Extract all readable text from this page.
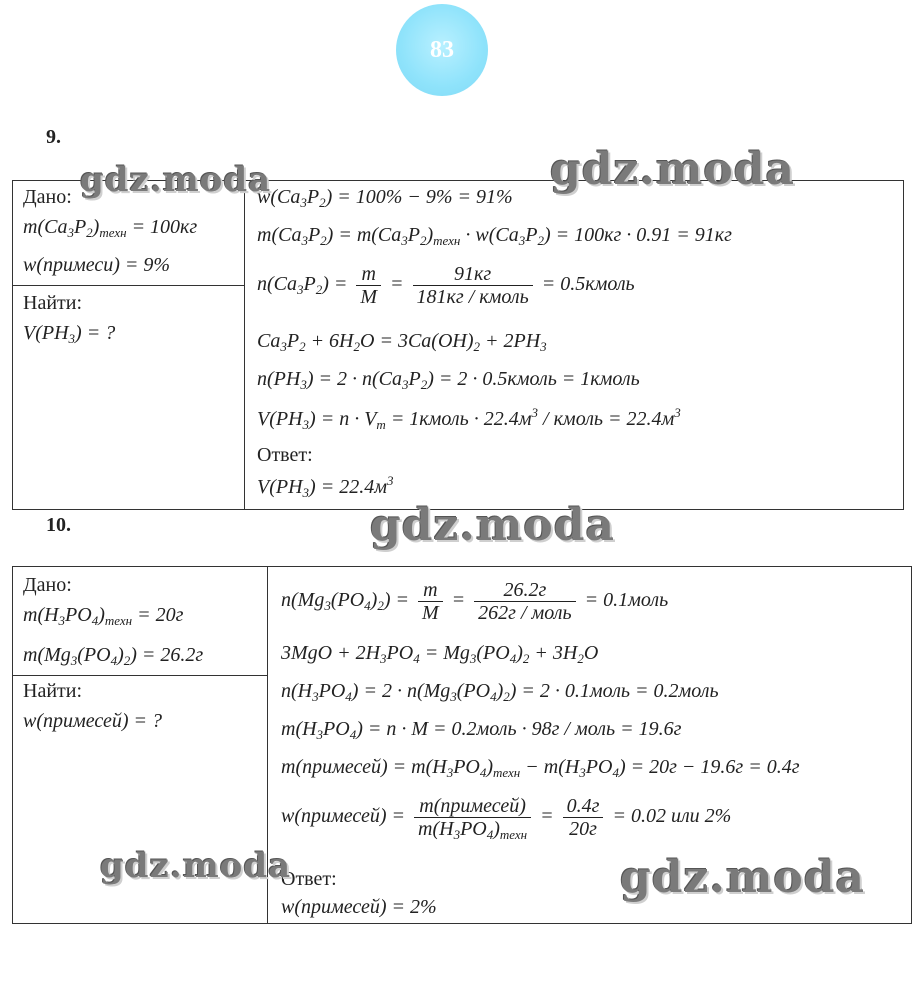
83
9.
Дано:
$m(Ca_3P_2)_{техн} = 100кг$
w(примеси) = 9%
Найти:
$V(PH_3)$ = ?
$w(Ca_3P_2) = 100\% - 9\% = 91\%$
$m(Ca_3P_2) = m(Ca_3P_2)_{техн} \cdot w(Ca_3P_2) = 100кг \cdot 0.91 = 91кг$
$n(Ca_3P_2) = \frac{m}{M} = \frac{91кг}{\text{181кг / кмоль}}$ = 0.5кмоль
$Ca_3P_2 + 6H_2O = 3Ca(OH)_2 + 2PH_3$
$n(PH_3) = 2 \cdot n(Ca_3P_2) = 2$ · 0.5кмоль = 1кмоль
$V(PH_3) = n \cdot V_m$ = 1кмоль · $22.4м^3$ / кмоль = $22.4м^3$
Ответ:
$V(PH_3) = 22.4м^3$
10.
Дано:
$m(H_3PO_4)_{техн} = 20г$
$m(Mg_3(PO_4)_2) = 26.2г$
Найти:
w(примесей) = ?
$n(Mg_3(PO_4)_2) = \frac{m}{M} = \frac{26.2г}{\text{262г / моль}}$ = 0.1моль
$3MgO + 2H_3PO_4 = Mg_3(PO_4)_2 + 3H_2O$
$n(H_3PO_4) = 2 \cdot n(Mg_3(PO_4)_2) = 2$ · 0.1моль = 0.2моль
$m(H_3PO_4) = n \cdot M$ = 0.2моль · 98г / моль = 19.6г
m(примесей) = $m(H_3PO_4)_{техн} - m(H_3PO_4) = 20г - 19.6г = 0.4г$
w(примесей) = $\frac{\text{m(примесей)}}{m(H_3PO_4)_{техн}} = \frac{0.4г}{20г} = 0.02$ или 2%
Ответ:
w(примесей) = 2%
gdz.moda	gdz.moda
gdz.moda
gdz.moda	gdz.moda
